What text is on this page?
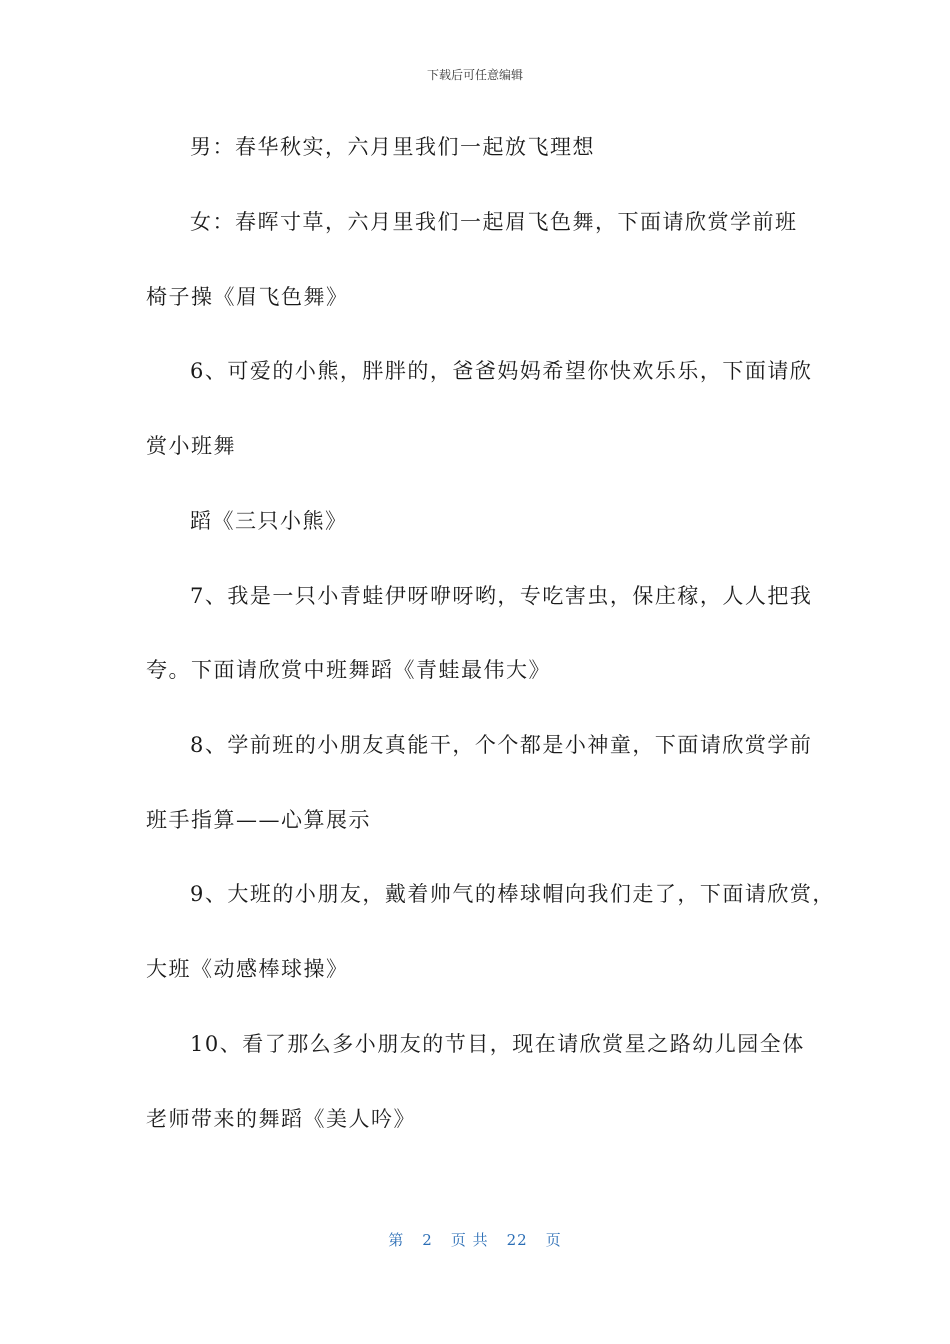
下载后可任意编辑
男：春华秋实，六月里我们一起放飞理想
女：春晖寸草，六月里我们一起眉飞色舞，下面请欣赏学前班
椅子操《眉飞色舞》
6、可爱的小熊，胖胖的，爸爸妈妈希望你快欢乐乐，下面请欣
赏小班舞
蹈《三只小熊》
7、我是一只小青蛙伊呀咿呀哟，专吃害虫，保庄稼，人人把我
夸。下面请欣赏中班舞蹈《青蛙最伟大》
8、学前班的小朋友真能干，个个都是小神童，下面请欣赏学前
班手指算——心算展示
9、大班的小朋友，戴着帅气的棒球帽向我们走了，下面请欣赏，
大班《动感棒球操》
10、看了那么多小朋友的节目，现在请欣赏星之路幼儿园全体
老师带来的舞蹈《美人吟》
第 2 页 共 22 页
